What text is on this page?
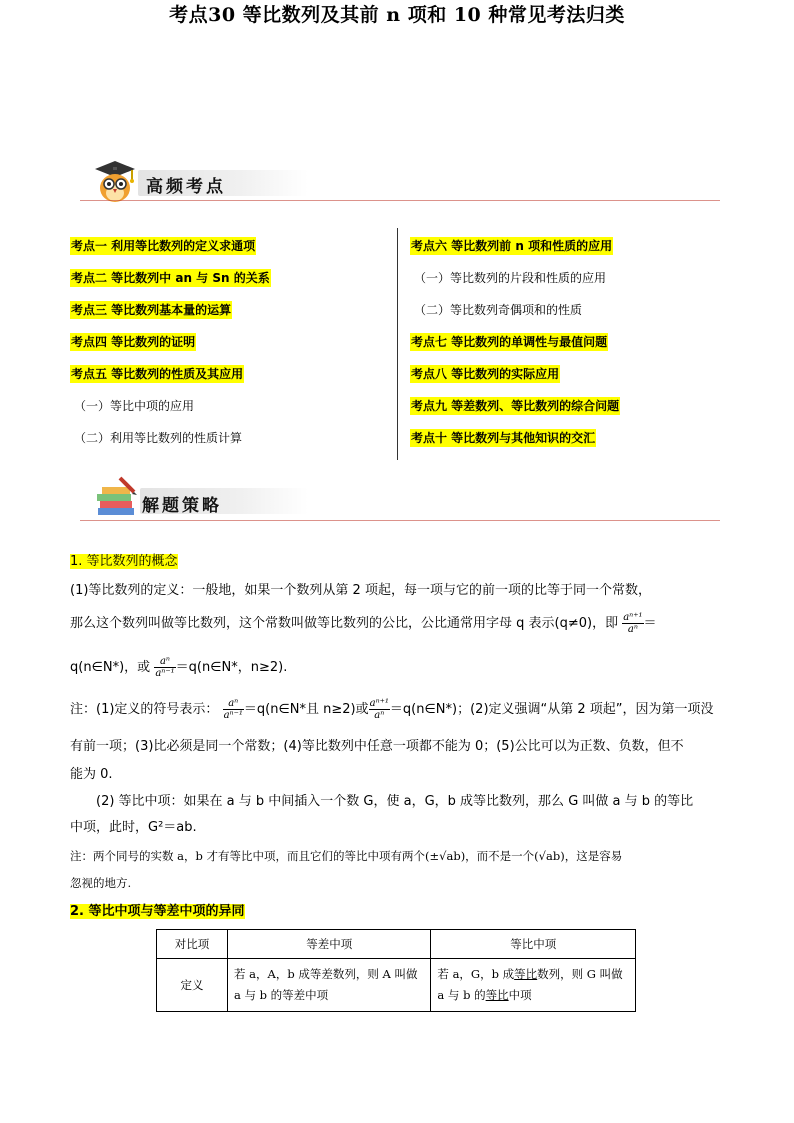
考点30 等比数列及其前 n 项和 10 种常见考法归类
高频考点
考点一 利用等比数列的定义求通项
考点二 等比数列中 an 与 Sn 的关系
考点三 等比数列基本量的运算
考点四 等比数列的证明
考点五 等比数列的性质及其应用
（一）等比中项的应用
（二）利用等比数列的性质计算
考点六 等比数列前 n 项和性质的应用
（一）等比数列的片段和性质的应用
（二）等比数列奇偶项和的性质
考点七 等比数列的单调性与最值问题
考点八 等比数列的实际应用
考点九 等差数列、等比数列的综合问题
考点十 等比数列与其他知识的交汇
解题策略
1. 等比数列的概念
(1)等比数列的定义：一般地，如果一个数列从第 2 项起，每一项与它的前一项的比等于同一个常数，
那么这个数列叫做等比数列，这个常数叫做等比数列的公比，公比通常用字母 q 表示(q≠0)，即 $\frac{\text{aⁿ⁺¹}}{\text{aⁿ}}$ ＝
q(n∈N*)，或 $\frac{\text{aⁿ}}{\text{aⁿ⁻¹}}$ ＝q(n∈N*，n≥2).
注：(1)定义的符号表示： $\frac{\text{aⁿ}}{\text{aⁿ⁻¹}}$ ＝q(n∈N*且 n≥2)或 $\frac{\text{aⁿ⁺¹}}{\text{aⁿ}}$ ＝q(n∈N*)；(2)定义强调“从第 2 项起”，因为第一项没
有前一项；(3)比必须是同一个常数；(4)等比数列中任意一项都不能为 0；(5)公比可以为正数、负数，但不
能为 0.
(2) 等比中项：如果在 a 与 b 中间插入一个数 G，使 a，G，b 成等比数列，那么 G 叫做 a 与 b 的等比
中项，此时，G²＝ab.
注：两个同号的实数 a，b 才有等比中项，而且它们的等比中项有两个(±√ab)，而不是一个(√ab)，这是容易
忽视的地方.
2. 等比中项与等差中项的异同
对比项	等差中项	等比中项
定义	若 a，A，b 成等差数列，则 A 叫做 a 与 b 的等差中项	若 a，G，b 成等比数列，则 G 叫做 a 与 b 的等比中项
